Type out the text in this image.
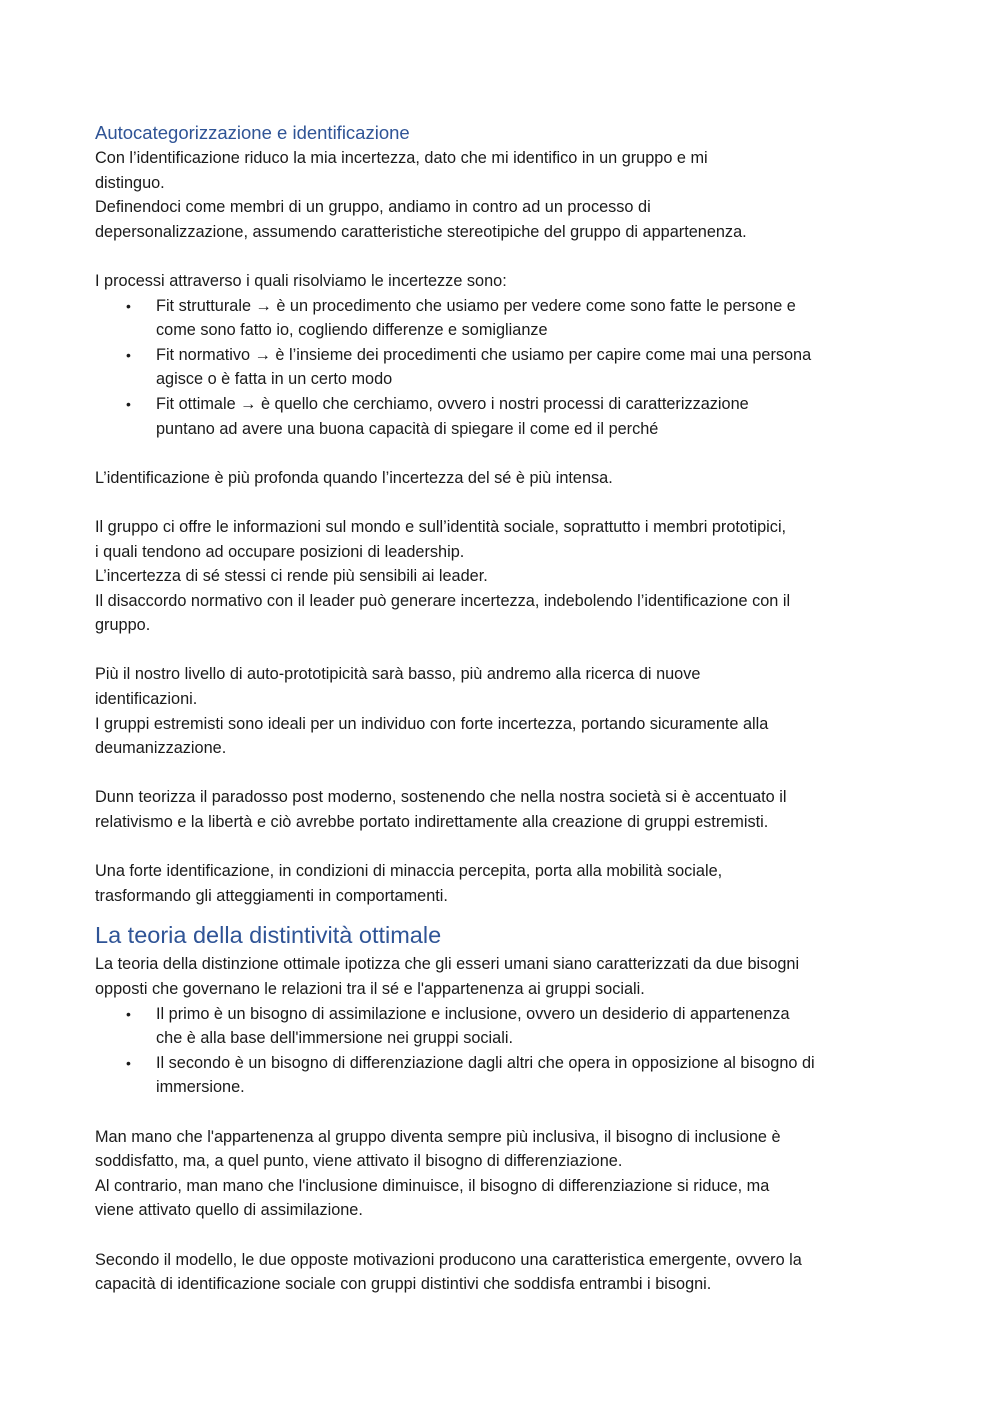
Autocategorizzazione e identificazione

Con l’identificazione riduco la mia incertezza, dato che mi identifico in un gruppo e mi
distinguo.

Definendoci come membri di un gruppo, andiamo in contro ad un processo di
depersonalizzazione, assumendo caratteristiche stereotipiche del gruppo di appartenenza.

I processi attraverso i quali risolviamo le incertezze sono:

• Fit strutturale → è un procedimento che usiamo per vedere come sono fatte le persone e
come sono fatto io, cogliendo differenze e somiglianze
• Fit normativo → è l’insieme dei procedimenti che usiamo per capire come mai una persona
agisce o è fatta in un certo modo
• Fit ottimale → è quello che cerchiamo, ovvero i nostri processi di caratterizzazione
puntano ad avere una buona capacità di spiegare il come ed il perché

L’identificazione è più profonda quando l’incertezza del sé è più intensa.

Il gruppo ci offre le informazioni sul mondo e sull’identità sociale, soprattutto i membri prototipici,
i quali tendono ad occupare posizioni di leadership.

L’incertezza di sé stessi ci rende più sensibili ai leader.

Il disaccordo normativo con il leader può generare incertezza, indebolendo l’identificazione con il
gruppo.

Più il nostro livello di auto-prototipicità sarà basso, più andremo alla ricerca di nuove
identificazioni.

I gruppi estremisti sono ideali per un individuo con forte incertezza, portando sicuramente alla
deumanizzazione.

Dunn teorizza il paradosso post moderno, sostenendo che nella nostra società si è accentuato il
relativismo e la libertà e ciò avrebbe portato indirettamente alla creazione di gruppi estremisti.

Una forte identificazione, in condizioni di minaccia percepita, porta alla mobilità sociale,
trasformando gli atteggiamenti in comportamenti.

La teoria della distintività ottimale

La teoria della distinzione ottimale ipotizza che gli esseri umani siano caratterizzati da due bisogni
opposti che governano le relazioni tra il sé e l'appartenenza ai gruppi sociali.

• Il primo è un bisogno di assimilazione e inclusione, ovvero un desiderio di appartenenza
che è alla base dell'immersione nei gruppi sociali.
• Il secondo è un bisogno di differenziazione dagli altri che opera in opposizione al bisogno di
immersione.

Man mano che l'appartenenza al gruppo diventa sempre più inclusiva, il bisogno di inclusione è
soddisfatto, ma, a quel punto, viene attivato il bisogno di differenziazione.

Al contrario, man mano che l'inclusione diminuisce, il bisogno di differenziazione si riduce, ma
viene attivato quello di assimilazione.

Secondo il modello, le due opposte motivazioni producono una caratteristica emergente, ovvero la
capacità di identificazione sociale con gruppi distintivi che soddisfa entrambi i bisogni.
